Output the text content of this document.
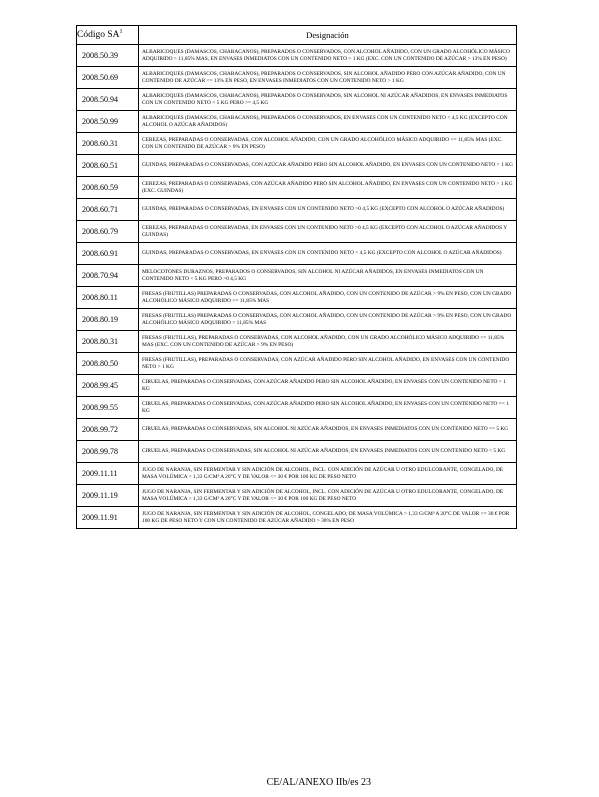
Código $SA^1$	Designación
2008.50.39	ALBARICOQUES (DAMASCOS, CHABACANOS), PREPARADOS O CONSERVADOS, CON ALCOHOL AÑADIDO, CON UN GRADO ALCOHÓLICO MÁSICO ADQUIRIDO > 11,85% MAS, EN ENVASES INMEDIATOS CON UN CONTENIDO NETO > 1 KG (EXC. CON UN CONTENIDO DE AZÚCAR > 13% EN PESO)
2008.50.69	ALBARICOQUES (DAMASCOS, CHABACANOS), PREPARADOS O CONSERVADOS, SIN ALCOHOL AÑADIDO PERO CON AZÚCAR AÑADIDO, CON UN CONTENIDO DE AZÚCAR <= 13% EN PESO, EN ENVASES INMEDIATOS CON UN CONTENIDO NETO > 1 KG
2008.50.94	ALBARICOQUES (DAMASCOS, CHABACANOS), PREPARADOS O CONSERVADOS, SIN ALCOHOL NI AZÚCAR AÑADIDOS, EN ENVASES INMEDIATOS CON UN CONTENIDO NETO < 5 KG PERO >= 4,5 KG
2008.50.99	ALBARICOQUES (DAMASCOS, CHABACANOS), PREPARADOS O CONSERVADOS, EN ENVASES CON UN CONTENIDO NETO < 4,5 KG (EXCEPTO CON ALCOHOL O AZÚCAR AÑADIDOS)
2008.60.31	CEREZAS, PREPARADAS O CONSERVADAS, CON ALCOHOL AÑADIDO, CON UN GRADO ALCOHÓLICO MÁSICO ADQUIRIDO <= 11,85% MAS (EXC. CON UN CONTENIDO DE AZÚCAR > 9% EN PESO)
2008.60.51	GUINDAS, PREPARADAS O CONSERVADAS, CON AZÚCAR AÑADIDO PERO SIN ALCOHOL AÑADIDO, EN ENVASES CON UN CONTENIDO NETO > 1 KG
2008.60.59	CEREZAS, PREPARADAS O CONSERVADAS, CON AZÚCAR AÑADIDO PERO SIN ALCOHOL AÑADIDO, EN ENVASES CON UN CONTENIDO NETO > 1 KG (EXC. GUINDAS)
2008.60.71	GUINDAS, PREPARADAS O CONSERVADAS, EN ENVASES CON UN CONTENIDO NETO >0 4,5 KG (EXCEPTO CON ALCOHOL O AZÚCAR AÑADIDOS)
2008.60.79	CEREZAS, PREPARADAS O CONSERVADAS, EN ENVASES CON UN CONTENIDO NETO >0 4,5 KG (EXCEPTO CON ALCOHOL O AZÚCAR AÑADIDOS Y GUINDAS)
2008.60.91	GUINDAS, PREPARADAS O CONSERVADAS, EN ENVASES CON UN CONTENIDO NETO < 4,5 KG (EXCEPTO CON ALCOHOL O AZÚCAR AÑADIDOS)
2008.70.94	MELOCOTONES DURAZNOS, PREPARADOS O CONSERVADOS, SIN ALCOHOL NI AZÚCAR AÑADIDOS, EN ENVASES INMEDIATOS CON UN CONTENIDO NETO < 5 KG PERO >0 4,5 KG
2008.80.11	FRESAS (FRUTILLAS) PREPARADAS O CONSERVADAS, CON ALCOHOL AÑADIDO, CON UN CONTENIDO DE AZÚCAR > 9% EN PESO, CON UN GRADO ALCOHÓLICO MÁSICO ADQUIRIDO >= 11,85% MAS
2008.80.19	FRESAS (FRUTILLAS) PREPARADAS O CONSERVADAS, CON ALCOHOL AÑADIDO, CON UN CONTENIDO DE AZÚCAR > 9% EN PESO, CON UN GRADO ALCOHÓLICO MÁSICO ADQUIRIDO > 11,85% MAS
2008.80.31	FRESAS (FRUTILLAS), PREPARADAS O CONSERVADAS, CON ALCOHOL AÑADIDO, CON UN GRADO ALCOHÓLICO MÁSICO ADQUIRIDO <= 11,85% MAS (EXC. CON UN CONTENIDO DE AZÚCAR > 9% EN PESO)
2008.80.50	FRESAS (FRUTILLAS), PREPARADAS O CONSERVADAS, CON AZÚCAR AÑADIDO PERO SIN ALCOHOL AÑADIDO, EN ENVASES CON UN CONTENIDO NETO > 1 KG
2008.99.45	CIRUELAS, PREPARADAS O CONSERVADAS, CON AZÚCAR AÑADIDO PERO SIN ALCOHOL AÑADIDO, EN ENVASES CON UN CONTENIDO NETO > 1 KG
2008.99.55	CIRUELAS, PREPARADAS O CONSERVADAS, CON AZÚCAR AÑADIDO PERO SIN ALCOHOL AÑADIDO, EN ENVASES CON UN CONTENIDO NETO =< 1 KG
2008.99.72	CIRUELAS, PREPARADAS O CONSERVADAS, SIN ALCOHOL NI AZÚCAR AÑADIDOS, EN ENVASES INMEDIATOS CON UN CONTENIDO NETO => 5 KG
2008.99.78	CIRUELAS, PREPARADAS O CONSERVADAS, SIN ALCOHOL NI AZÚCAR AÑADIDOS, EN ENVASES INMEDIATOS CON UN CONTENIDO NETO < 5 KG
2009.11.11	JUGO DE NARANJA, SIN FERMENTAR Y SIN ADICIÓN DE ALCOHOL, INCL. CON ADICIÓN DE AZÚCAR U OTRO EDULCORANTE, CONGELADO, DE MASA VOLÚMICA > 1,33 G/CM³ A 20°C Y DE VALOR <= 30 € POR 100 KG DE PESO NETO
2009.11.19	JUGO DE NARANJA, SIN FERMENTAR Y SIN ADICIÓN DE ALCOHOL, INCL. CON ADICIÓN DE AZÚCAR U OTRO EDULCORANTE, CONGELADO, DE MASA VOLÚMICA > 1,33 G/CM³ A 20°C Y DE VALOR <= 30 € POR 100 KG DE PESO NETO
2009.11.91	JUGO DE NARANJA, SIN FERMENTAR Y SIN ADICIÓN DE ALCOHOL, CONGELADO, DE MASA VOLÚMICA > 1,33 G/CM³ A 20°C DE VALOR <= 30 € POR 100 KG DE PESO NETO Y CON UN CONTENIDO DE AZÚCAR AÑADIDO > 30% EN PESO
CE/AL/ANEXO IIb/es 23
